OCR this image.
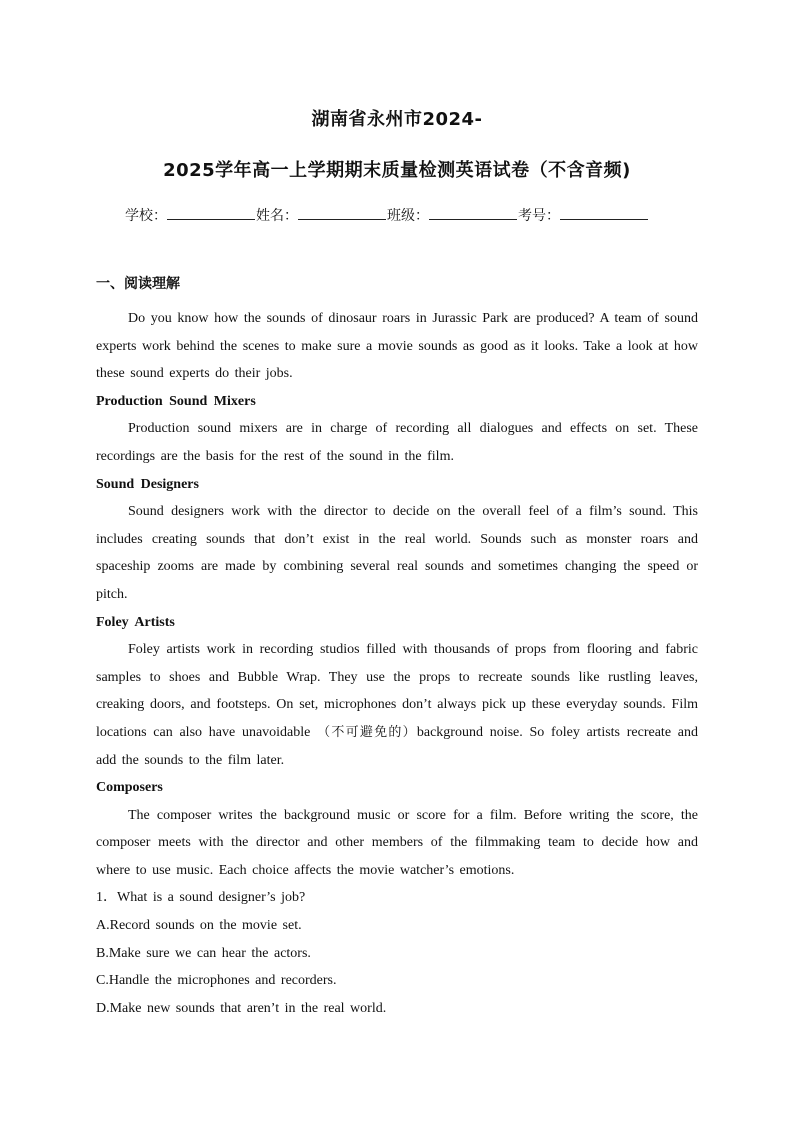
湖南省永州市2024-
2025学年高一上学期期末质量检测英语试卷（不含音频)
学校：	姓名：	班级：	考号：
一、阅读理解

Do you know how the sounds of dinosaur roars in Jurassic Park are produced? A team of sound experts work behind the scenes to make sure a movie sounds as good as it looks. Take a look at how these sound experts do their jobs.

Production Sound Mixers

Production sound mixers are in charge of recording all dialogues and effects on set. These recordings are the basis for the rest of the sound in the film.

Sound Designers

Sound designers work with the director to decide on the overall feel of a film’s sound. This includes creating sounds that don’t exist in the real world. Sounds such as monster roars and spaceship zooms are made by combining several real sounds and sometimes changing the speed or pitch.

Foley Artists

Foley artists work in recording studios filled with thousands of props from flooring and fabric samples to shoes and Bubble Wrap. They use the props to recreate sounds like rustling leaves, creaking doors, and footsteps. On set, microphones don’t always pick up these everyday sounds. Film locations can also have unavoidable （不可避免的）background noise. So foley artists recreate and add the sounds to the film later.

Composers

The composer writes the background music or score for a film. Before writing the score, the composer meets with the director and other members of the filmmaking team to decide how and where to use music. Each choice affects the movie watcher’s emotions.

1．What is a sound designer’s job?
A.Record sounds on the movie set.
B.Make sure we can hear the actors.
C.Handle the microphones and recorders.
D.Make new sounds that aren’t in the real world.
